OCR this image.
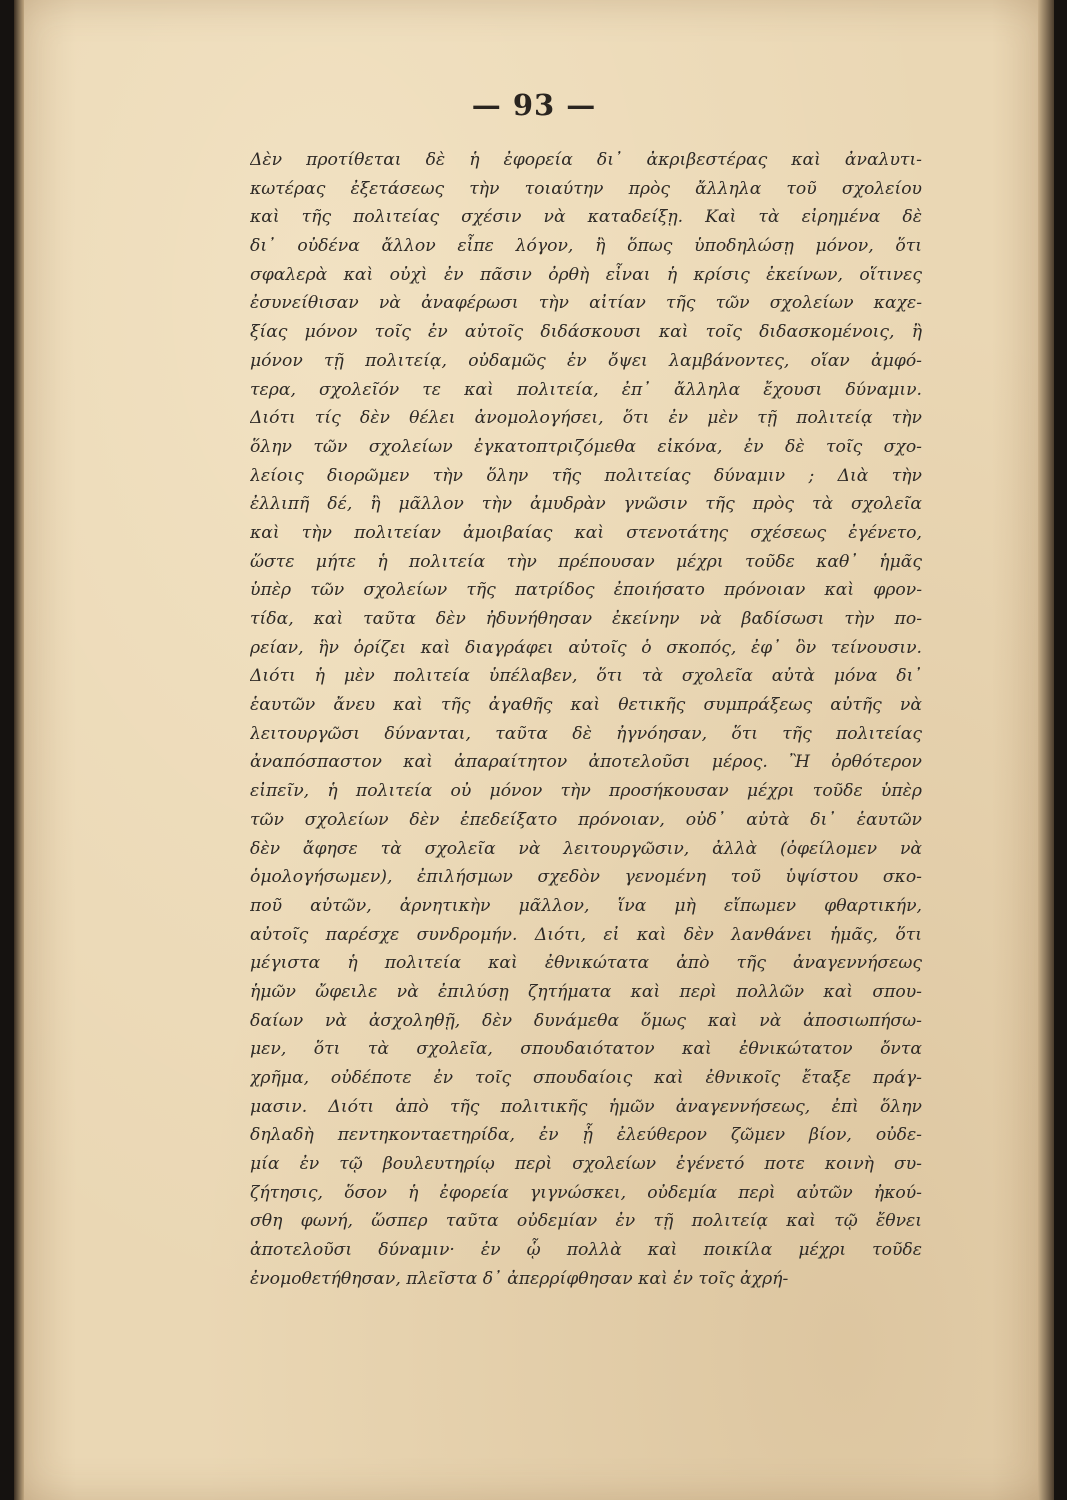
— 93 —
Δὲν προτίθεται δὲ ἡ ἐφορεία δι᾿ ἀκριβεστέρας καὶ ἀναλυτι-
κωτέρας ἐξετάσεως τὴν τοιαύτην πρὸς ἄλληλα τοῦ σχολείου
καὶ τῆς πολιτείας σχέσιν νὰ καταδείξῃ. Καὶ τὰ εἰρημένα δὲ
δι᾿ οὐδένα ἄλλον εἶπε λόγον, ἢ ὅπως ὑποδηλώσῃ μόνον, ὅτι
σφαλερὰ καὶ οὐχὶ ἐν πᾶσιν ὀρθὴ εἶναι ἡ κρίσις ἐκείνων, οἵτινες
ἐσυνείθισαν νὰ ἀναφέρωσι τὴν αἰτίαν τῆς τῶν σχολείων καχε-
ξίας μόνον τοῖς ἐν αὐτοῖς διδάσκουσι καὶ τοῖς διδασκομένοις, ἢ
μόνον τῇ πολιτείᾳ, οὐδαμῶς ἐν ὄψει λαμβάνοντες, οἵαν ἀμφό-
τερα, σχολεῖόν τε καὶ πολιτεία, ἐπ᾿ ἄλληλα ἔχουσι δύναμιν.
Διότι τίς δὲν θέλει ἀνομολογήσει, ὅτι ἐν μὲν τῇ πολιτείᾳ τὴν
ὅλην τῶν σχολείων ἐγκατοπτριζόμεθα εἰκόνα, ἐν δὲ τοῖς σχο-
λείοις διορῶμεν τὴν ὅλην τῆς πολιτείας δύναμιν ; Διὰ τὴν
ἐλλιπῆ δέ, ἢ μᾶλλον τὴν ἀμυδρὰν γνῶσιν τῆς πρὸς τὰ σχολεῖα
καὶ τὴν πολιτείαν ἀμοιβαίας καὶ στενοτάτης σχέσεως ἐγένετο,
ὥστε μήτε ἡ πολιτεία τὴν πρέπουσαν μέχρι τοῦδε καθ᾿ ἡμᾶς
ὑπὲρ τῶν σχολείων τῆς πατρίδος ἐποιήσατο πρόνοιαν καὶ φρον-
τίδα, καὶ ταῦτα δὲν ἠδυνήθησαν ἐκείνην νὰ βαδίσωσι τὴν πο-
ρείαν, ἣν ὁρίζει καὶ διαγράφει αὐτοῖς ὁ σκοπός, ἐφ᾿ ὃν τείνουσιν.
Διότι ἡ μὲν πολιτεία ὑπέλαβεν, ὅτι τὰ σχολεῖα αὐτὰ μόνα δι᾿
ἑαυτῶν ἄνευ καὶ τῆς ἀγαθῆς καὶ θετικῆς συμπράξεως αὐτῆς νὰ
λειτουργῶσι δύνανται, ταῦτα δὲ ἠγνόησαν, ὅτι τῆς πολιτείας
ἀναπόσπαστον καὶ ἀπαραίτητον ἀποτελοῦσι μέρος. Ἢ ὀρθότερον
εἰπεῖν, ἡ πολιτεία οὐ μόνον τὴν προσήκουσαν μέχρι τοῦδε ὑπὲρ
τῶν σχολείων δὲν ἐπεδείξατο πρόνοιαν, οὐδ᾿ αὐτὰ δι᾿ ἑαυτῶν
δὲν ἄφησε τὰ σχολεῖα νὰ λειτουργῶσιν, ἀλλὰ (ὀφείλομεν νὰ
ὁμολογήσωμεν), ἐπιλήσμων σχεδὸν γενομένη τοῦ ὑψίστου σκο-
ποῦ αὐτῶν, ἀρνητικὴν μᾶλλον, ἵνα μὴ εἴπωμεν φθαρτικήν,
αὐτοῖς παρέσχε συνδρομήν. Διότι, εἰ καὶ δὲν λανθάνει ἡμᾶς, ὅτι
μέγιστα ἡ πολιτεία καὶ ἐθνικώτατα ἀπὸ τῆς ἀναγεννήσεως
ἡμῶν ὤφειλε νὰ ἐπιλύσῃ ζητήματα καὶ περὶ πολλῶν καὶ σπου-
δαίων νὰ ἀσχοληθῇ, δὲν δυνάμεθα ὅμως καὶ νὰ ἀποσιωπήσω-
μεν, ὅτι τὰ σχολεῖα, σπουδαιότατον καὶ ἐθνικώτατον ὄντα
χρῆμα, οὐδέποτε ἐν τοῖς σπουδαίοις καὶ ἐθνικοῖς ἔταξε πράγ-
μασιν. Διότι ἀπὸ τῆς πολιτικῆς ἡμῶν ἀναγεννήσεως, ἐπὶ ὅλην
δηλαδὴ πεντηκονταετηρίδα, ἐν ᾗ ἐλεύθερον ζῶμεν βίον, οὐδε-
μία ἐν τῷ βουλευτηρίῳ περὶ σχολείων ἐγένετό ποτε κοινὴ συ-
ζήτησις, ὅσον ἡ ἐφορεία γιγνώσκει, οὐδεμία περὶ αὐτῶν ἠκού-
σθη φωνή, ὥσπερ ταῦτα οὐδεμίαν ἐν τῇ πολιτείᾳ καὶ τῷ ἔθνει
ἀποτελοῦσι δύναμιν· ἐν ᾧ πολλὰ καὶ ποικίλα μέχρι τοῦδε
ἐνομοθετήθησαν, πλεῖστα δ᾿ ἀπερρίφθησαν καὶ ἐν τοῖς ἀχρή-
